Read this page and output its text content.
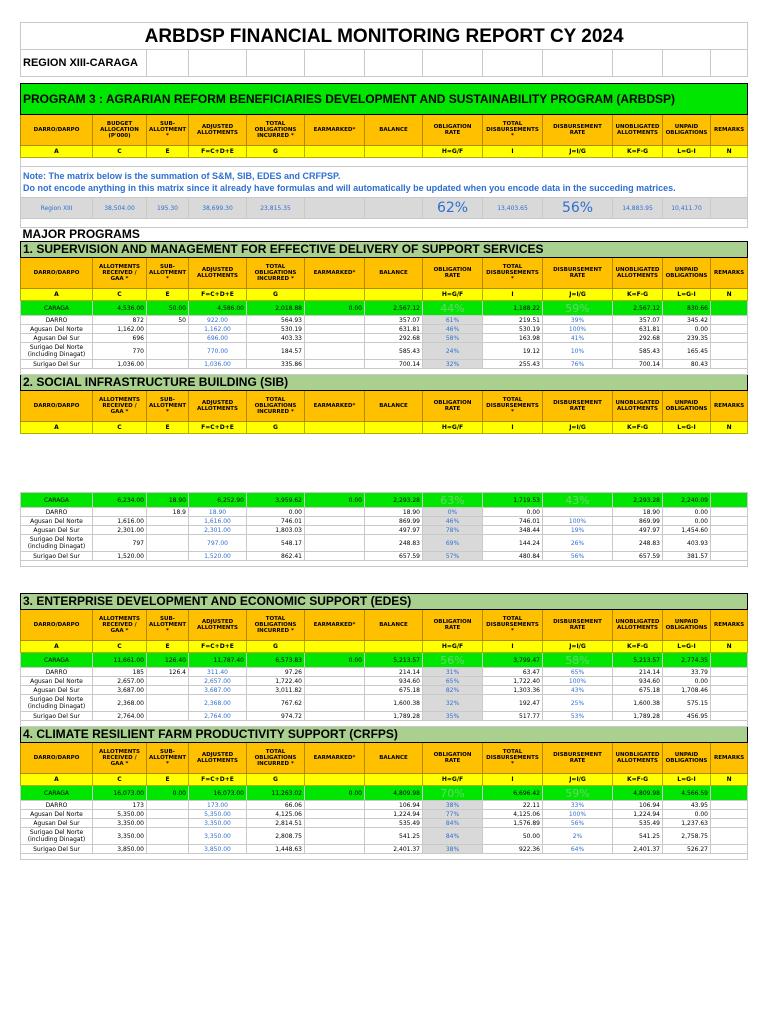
ARBDSP FINANCIAL MONITORING REPORT CY 2024												
REGION XIII-CARAGA												

PROGRAM 3 : AGRARIAN REFORM BENEFICIARIES DEVELOPMENT AND SUSTAINABILITY PROGRAM (ARBDSP)												
DARRO/DARPO	BUDGET ALLOCATION (P'000)	SUB-ALLOTMENT *	ADJUSTED ALLOTMENTS	TOTAL OBLIGATIONS INCURRED *	EARMARKED*	BALANCE	OBLIGATION RATE	TOTAL DISBURSEMENTS *	DISBURSEMENT RATE	UNOBLIGATED ALLOTMENTS	UNPAID OBLIGATIONS	REMARKS
A	C	E	F=C+D+E	G			H=G/F	I	J=I/G	K=F-G	L=G-I	N

Note: The matrix below is the summation of S&M, SIB, EDES and CRFPSP.
Do not encode anything in this matrix since it already have formulas and will automatically be updated when you encode data in the succeding matrices.												
Region XIII	38,504.00	195.30	38,699.30	23,815.35			62%	13,403.65	56%	14,883.95	10,411.70	

MAJOR PROGRAMS												
1. SUPERVISION AND MANAGEMENT FOR EFFECTIVE DELIVERY OF SUPPORT SERVICES												
DARRO/DARPO	ALLOTMENTS RECEIVED / GAA *	SUB-ALLOTMENT *	ADJUSTED ALLOTMENTS	TOTAL OBLIGATIONS INCURRED *	EARMARKED*	BALANCE	OBLIGATION RATE	TOTAL DISBURSEMENTS *	DISBURSEMENT RATE	UNOBLIGATED ALLOTMENTS	UNPAID OBLIGATIONS	REMARKS
A	C	E	F=C+D+E	G			H=G/F	I	J=I/G	K=F-G	L=G-I	N
CARAGA	4,536.00	50.00	4,586.00	2,018.88	0.00	2,567.12	44%	1,188.22	59%	2,567.12	830.66	
DARRO	872	50	922.00	564.93		357.07	61%	219.51	39%	357.07	345.42	
Agusan Del Norte	1,162.00		1,162.00	530.19		631.81	46%	530.19	100%	631.81	0.00	
Agusan Del Sur	696		696.00	403.33		292.68	58%	163.98	41%	292.68	239.35	
Surigao Del Norte (including Dinagat)	770		770.00	184.57		585.43	24%	19.12	10%	585.43	165.45	
Surigao Del Sur	1,036.00		1,036.00	335.86		700.14	32%	255.43	76%	700.14	80.43	

2. SOCIAL INFRASTRUCTURE BUILDING (SIB)												
DARRO/DARPO	ALLOTMENTS RECEIVED / GAA *	SUB-ALLOTMENT *	ADJUSTED ALLOTMENTS	TOTAL OBLIGATIONS INCURRED *	EARMARKED*	BALANCE	OBLIGATION RATE	TOTAL DISBURSEMENTS *	DISBURSEMENT RATE	UNOBLIGATED ALLOTMENTS	UNPAID OBLIGATIONS	REMARKS
A	C	E	F=C+D+E	G			H=G/F	I	J=I/G	K=F-G	L=G-I	N

CARAGA	6,234.00	18.90	6,252.90	3,959.62	0.00	2,293.28	63%	1,719.53	43%	2,293.28	2,240.09	
DARRO		18.9	18.90	0.00		18.90	0%	0.00		18.90	0.00	
Agusan Del Norte	1,616.00		1,616.00	746.01		869.99	46%	746.01	100%	869.99	0.00	
Agusan Del Sur	2,301.00		2,301.00	1,803.03		497.97	78%	348.44	19%	497.97	1,454.60	
Surigao Del Norte (including Dinagat)	797		797.00	548.17		248.83	69%	144.24	26%	248.83	403.93	
Surigao Del Sur	1,520.00		1,520.00	862.41		657.59	57%	480.84	56%	657.59	381.57	

3. ENTERPRISE DEVELOPMENT AND ECONOMIC SUPPORT (EDES)												
DARRO/DARPO	ALLOTMENTS RECEIVED / GAA *	SUB-ALLOTMENT *	ADJUSTED ALLOTMENTS	TOTAL OBLIGATIONS INCURRED *	EARMARKED*	BALANCE	OBLIGATION RATE	TOTAL DISBURSEMENTS *	DISBURSEMENT RATE	UNOBLIGATED ALLOTMENTS	UNPAID OBLIGATIONS	REMARKS
A	C	E	F=C+D+E	G			H=G/F	I	J=I/G	K=F-G	L=G-I	N
CARAGA	11,661.00	126.40	11,787.40	6,573.83	0.00	5,213.57	56%	3,799.47	58%	5,213.57	2,774.35	
DARRO	185	126.4	311.40	97.26		214.14	31%	63.47	65%	214.14	33.79	
Agusan Del Norte	2,657.00		2,657.00	1,722.40		934.60	65%	1,722.40	100%	934.60	0.00	
Agusan Del Sur	3,687.00		3,687.00	3,011.82		675.18	82%	1,303.36	43%	675.18	1,708.46	
Surigao Del Norte (including Dinagat)	2,368.00		2,368.00	767.62		1,600.38	32%	192.47	25%	1,600.38	575.15	
Surigao Del Sur	2,764.00		2,764.00	974.72		1,789.28	35%	517.77	53%	1,789.28	456.95	

4. CLIMATE RESILIENT FARM PRODUCTIVITY SUPPORT (CRFPS)												
DARRO/DARPO	ALLOTMENTS RECEIVED / GAA *	SUB-ALLOTMENT *	ADJUSTED ALLOTMENTS	TOTAL OBLIGATIONS INCURRED *	EARMARKED*	BALANCE	OBLIGATION RATE	TOTAL DISBURSEMENTS *	DISBURSEMENT RATE	UNOBLIGATED ALLOTMENTS	UNPAID OBLIGATIONS	REMARKS
A	C	E	F=C+D+E	G			H=G/F	I	J=I/G	K=F-G	L=G-I	N
CARAGA	16,073.00	0.00	16,073.00	11,263.02	0.00	4,809.98	70%	6,696.42	59%	4,809.98	4,566.59	
DARRO	173		173.00	66.06		106.94	38%	22.11	33%	106.94	43.95	
Agusan Del Norte	5,350.00		5,350.00	4,125.06		1,224.94	77%	4,125.06	100%	1,224.94	0.00	
Agusan Del Sur	3,350.00		3,350.00	2,814.51		535.49	84%	1,576.89	56%	535.49	1,237.63	
Surigao Del Norte (including Dinagat)	3,350.00		3,350.00	2,808.75		541.25	84%	50.00	2%	541.25	2,758.75	
Surigao Del Sur	3,850.00		3,850.00	1,448.63		2,401.37	38%	922.36	64%	2,401.37	526.27	
